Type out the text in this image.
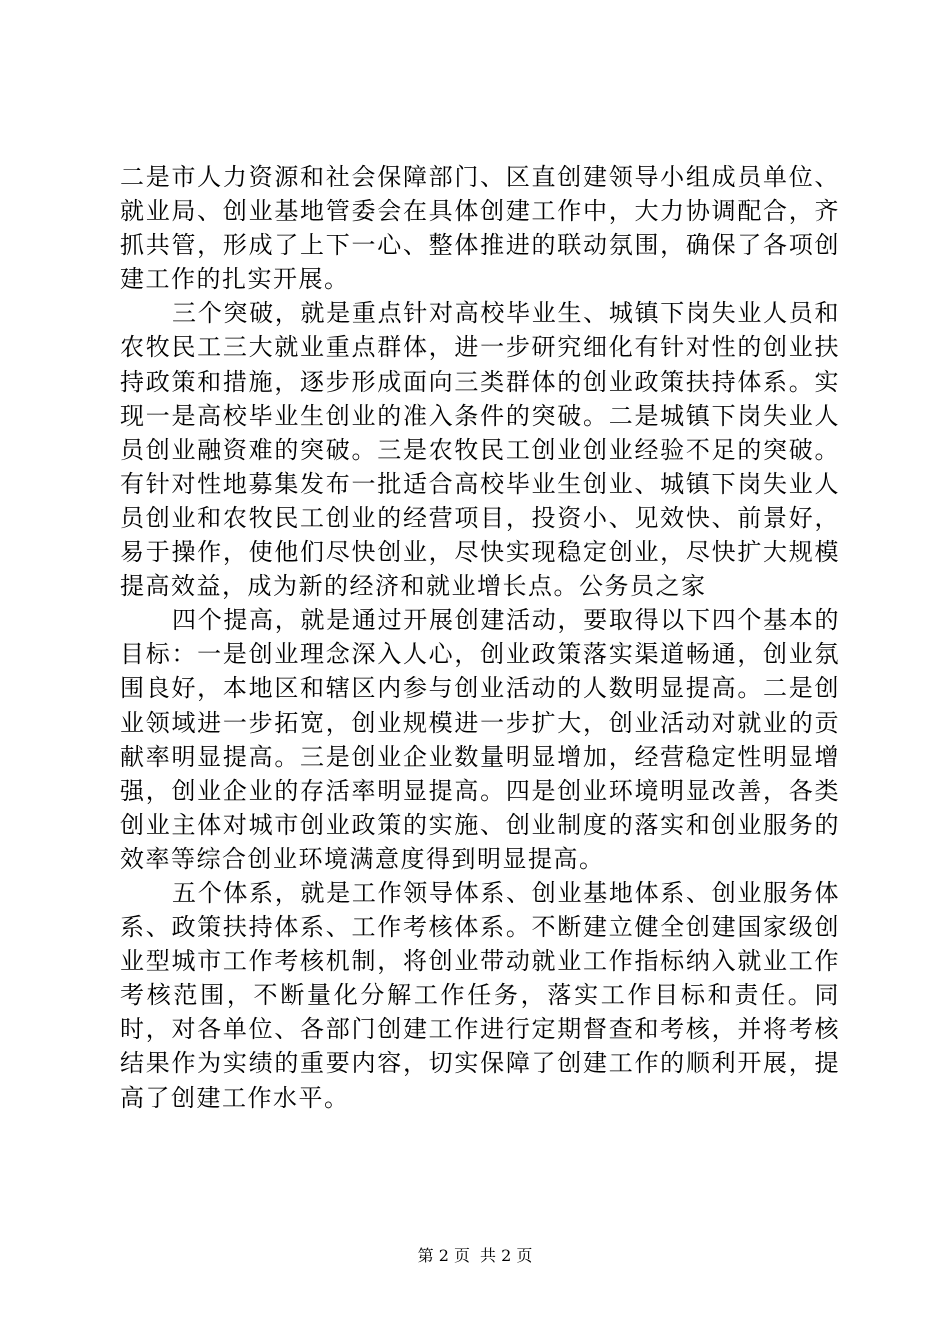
二是市人力资源和社会保障部门、区直创建领导小组成员单位、就业局、创业基地管委会在具体创建工作中，大力协调配合，齐抓共管，形成了上下一心、整体推进的联动氛围，确保了各项创建工作的扎实开展。

三个突破，就是重点针对高校毕业生、城镇下岗失业人员和农牧民工三大就业重点群体，进一步研究细化有针对性的创业扶持政策和措施，逐步形成面向三类群体的创业政策扶持体系。实现一是高校毕业生创业的准入条件的突破。二是城镇下岗失业人员创业融资难的突破。三是农牧民工创业创业经验不足的突破。有针对性地募集发布一批适合高校毕业生创业、城镇下岗失业人员创业和农牧民工创业的经营项目，投资小、见效快、前景好，易于操作，使他们尽快创业，尽快实现稳定创业，尽快扩大规模提高效益，成为新的经济和就业增长点。公务员之家

四个提高，就是通过开展创建活动，要取得以下四个基本的目标：一是创业理念深入人心，创业政策落实渠道畅通，创业氛围良好，本地区和辖区内参与创业活动的人数明显提高。二是创业领域进一步拓宽，创业规模进一步扩大，创业活动对就业的贡献率明显提高。三是创业企业数量明显增加，经营稳定性明显增强，创业企业的存活率明显提高。四是创业环境明显改善，各类创业主体对城市创业政策的实施、创业制度的落实和创业服务的效率等综合创业环境满意度得到明显提高。

五个体系，就是工作领导体系、创业基地体系、创业服务体系、政策扶持体系、工作考核体系。不断建立健全创建国家级创业型城市工作考核机制，将创业带动就业工作指标纳入就业工作考核范围，不断量化分解工作任务，落实工作目标和责任。同时，对各单位、各部门创建工作进行定期督查和考核，并将考核结果作为实绩的重要内容，切实保障了创建工作的顺利开展，提高了创建工作水平。

第 2 页 共 2 页
